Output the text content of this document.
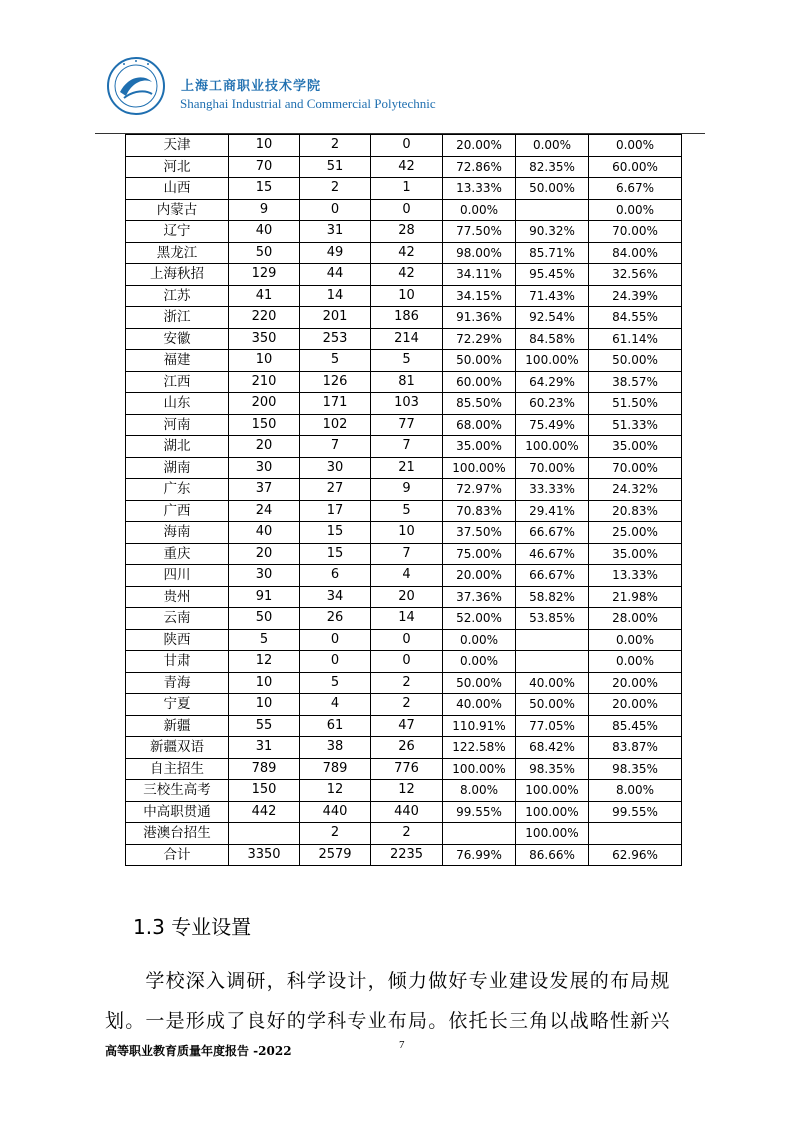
上海工商职业技术学院
Shanghai Industrial and Commercial Polytechnic
天津	10	2	0	20.00%	0.00%	0.00%
河北	70	51	42	72.86%	82.35%	60.00%
山西	15	2	1	13.33%	50.00%	6.67%
内蒙古	9	0	0	0.00%		0.00%
辽宁	40	31	28	77.50%	90.32%	70.00%
黑龙江	50	49	42	98.00%	85.71%	84.00%
上海秋招	129	44	42	34.11%	95.45%	32.56%
江苏	41	14	10	34.15%	71.43%	24.39%
浙江	220	201	186	91.36%	92.54%	84.55%
安徽	350	253	214	72.29%	84.58%	61.14%
福建	10	5	5	50.00%	100.00%	50.00%
江西	210	126	81	60.00%	64.29%	38.57%
山东	200	171	103	85.50%	60.23%	51.50%
河南	150	102	77	68.00%	75.49%	51.33%
湖北	20	7	7	35.00%	100.00%	35.00%
湖南	30	30	21	100.00%	70.00%	70.00%
广东	37	27	9	72.97%	33.33%	24.32%
广西	24	17	5	70.83%	29.41%	20.83%
海南	40	15	10	37.50%	66.67%	25.00%
重庆	20	15	7	75.00%	46.67%	35.00%
四川	30	6	4	20.00%	66.67%	13.33%
贵州	91	34	20	37.36%	58.82%	21.98%
云南	50	26	14	52.00%	53.85%	28.00%
陕西	5	0	0	0.00%		0.00%
甘肃	12	0	0	0.00%		0.00%
青海	10	5	2	50.00%	40.00%	20.00%
宁夏	10	4	2	40.00%	50.00%	20.00%
新疆	55	61	47	110.91%	77.05%	85.45%
新疆双语	31	38	26	122.58%	68.42%	83.87%
自主招生	789	789	776	100.00%	98.35%	98.35%
三校生高考	150	12	12	8.00%	100.00%	8.00%
中高职贯通	442	440	440	99.55%	100.00%	99.55%
港澳台招生		2	2		100.00%	
合计	3350	2579	2235	76.99%	86.66%	62.96%
1.3 专业设置
　　学校深入调研，科学设计，倾力做好专业建设发展的布局规
划。一是形成了良好的学科专业布局。依托长三角以战略性新兴
高等职业教育质量年度报告 -2022	7
